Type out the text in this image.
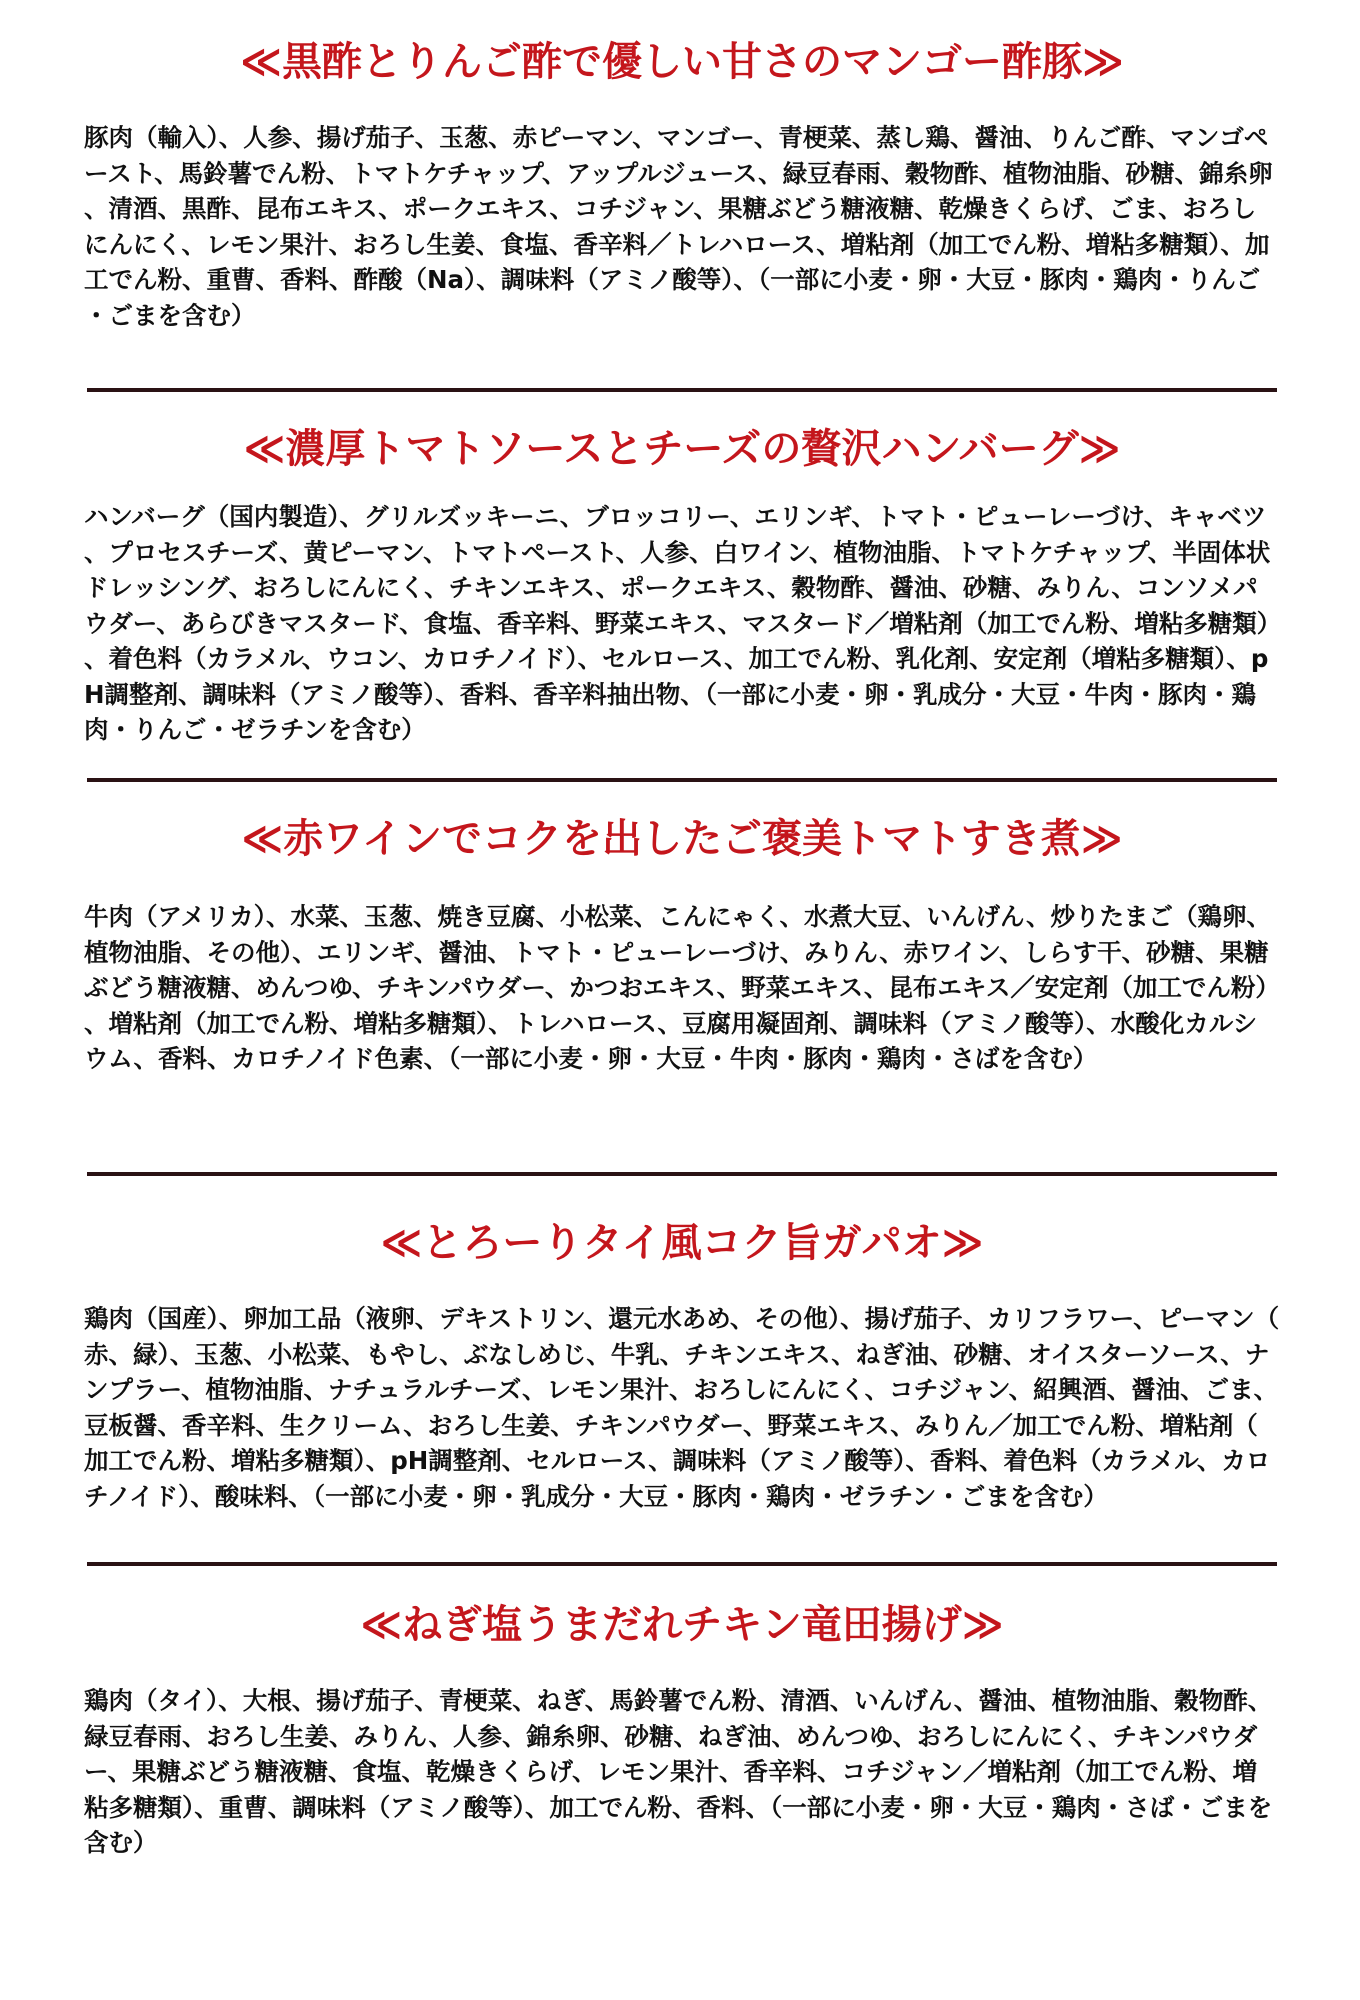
≪黒酢とりんご酢で優しい甘さのマンゴー酢豚≫

豚肉（輸入）、人参、揚げ茄子、玉葱、赤ピーマン、マンゴー、青梗菜、蒸し鶏、醤油、りんご酢、マンゴペースト、馬鈴薯でん粉、トマトケチャップ、アップルジュース、緑豆春雨、穀物酢、植物油脂、砂糖、錦糸卵、清酒、黒酢、昆布エキス、ポークエキス、コチジャン、果糖ぶどう糖液糖、乾燥きくらげ、ごま、おろしにんにく、レモン果汁、おろし生姜、食塩、香辛料／トレハロース、増粘剤（加工でん粉、増粘多糖類）、加工でん粉、重曹、香料、酢酸（Na）、調味料（アミノ酸等）、（一部に小麦・卵・大豆・豚肉・鶏肉・りんご・ごまを含む）

≪濃厚トマトソースとチーズの贅沢ハンバーグ≫

ハンバーグ（国内製造）、グリルズッキーニ、ブロッコリー、エリンギ、トマト・ピューレーづけ、キャベツ、プロセスチーズ、黄ピーマン、トマトペースト、人参、白ワイン、植物油脂、トマトケチャップ、半固体状ドレッシング、おろしにんにく、チキンエキス、ポークエキス、穀物酢、醤油、砂糖、みりん、コンソメパウダー、あらびきマスタード、食塩、香辛料、野菜エキス、マスタード／増粘剤（加工でん粉、増粘多糖類）、着色料（カラメル、ウコン、カロチノイド）、セルロース、加工でん粉、乳化剤、安定剤（増粘多糖類）、pH調整剤、調味料（アミノ酸等）、香料、香辛料抽出物、（一部に小麦・卵・乳成分・大豆・牛肉・豚肉・鶏肉・りんご・ゼラチンを含む）

≪赤ワインでコクを出したご褒美トマトすき煮≫

牛肉（アメリカ）、水菜、玉葱、焼き豆腐、小松菜、こんにゃく、水煮大豆、いんげん、炒りたまご（鶏卵、植物油脂、その他）、エリンギ、醤油、トマト・ピューレーづけ、みりん、赤ワイン、しらす干、砂糖、果糖ぶどう糖液糖、めんつゆ、チキンパウダー、かつおエキス、野菜エキス、昆布エキス／安定剤（加工でん粉）、増粘剤（加工でん粉、増粘多糖類）、トレハロース、豆腐用凝固剤、調味料（アミノ酸等）、水酸化カルシウム、香料、カロチノイド色素、（一部に小麦・卵・大豆・牛肉・豚肉・鶏肉・さばを含む）

≪とろーりタイ風コク旨ガパオ≫

鶏肉（国産）、卵加工品（液卵、デキストリン、還元水あめ、その他）、揚げ茄子、カリフラワー、ピーマン（赤、緑）、玉葱、小松菜、もやし、ぶなしめじ、牛乳、チキンエキス、ねぎ油、砂糖、オイスターソース、ナンプラー、植物油脂、ナチュラルチーズ、レモン果汁、おろしにんにく、コチジャン、紹興酒、醤油、ごま、豆板醤、香辛料、生クリーム、おろし生姜、チキンパウダー、野菜エキス、みりん／加工でん粉、増粘剤（加工でん粉、増粘多糖類）、pH調整剤、セルロース、調味料（アミノ酸等）、香料、着色料（カラメル、カロチノイド）、酸味料、（一部に小麦・卵・乳成分・大豆・豚肉・鶏肉・ゼラチン・ごまを含む）

≪ねぎ塩うまだれチキン竜田揚げ≫

鶏肉（タイ）、大根、揚げ茄子、青梗菜、ねぎ、馬鈴薯でん粉、清酒、いんげん、醤油、植物油脂、穀物酢、緑豆春雨、おろし生姜、みりん、人参、錦糸卵、砂糖、ねぎ油、めんつゆ、おろしにんにく、チキンパウダー、果糖ぶどう糖液糖、食塩、乾燥きくらげ、レモン果汁、香辛料、コチジャン／増粘剤（加工でん粉、増粘多糖類）、重曹、調味料（アミノ酸等）、加工でん粉、香料、（一部に小麦・卵・大豆・鶏肉・さば・ごまを含む）
